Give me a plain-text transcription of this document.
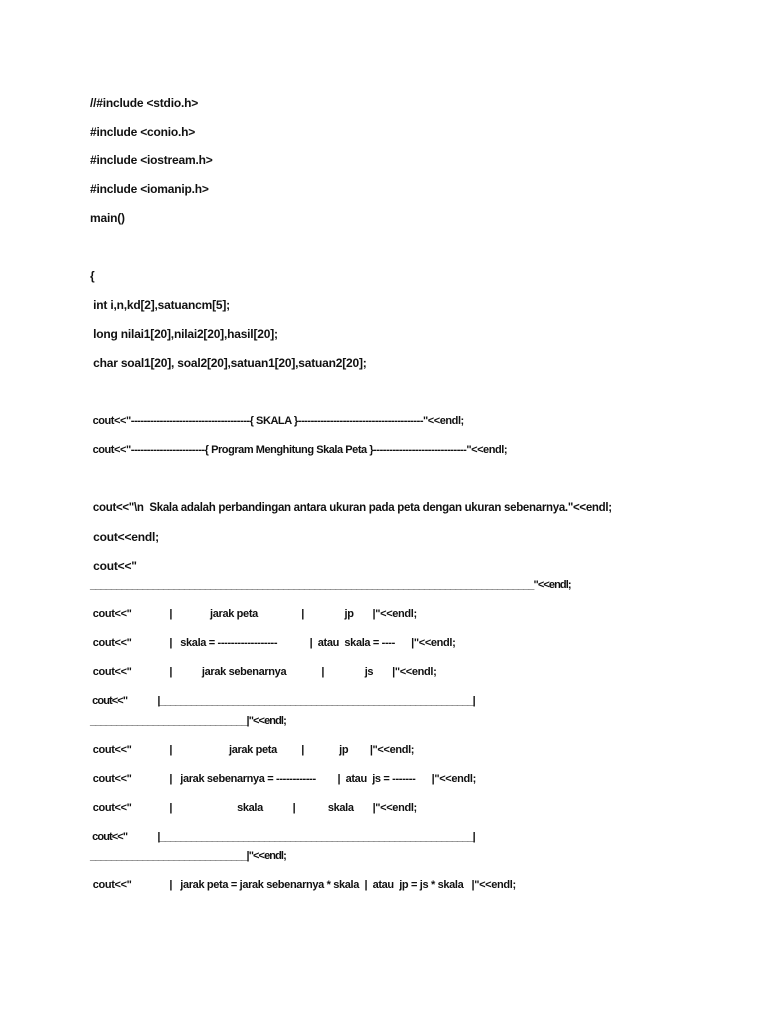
//#include <stdio.h>
#include <conio.h>
#include <iostream.h>
#include <iomanip.h>
main()
{
int i,n,kd[2],satuancm[5];
long nilai1[20],nilai2[20],hasil[20];
char soal1[20], soal2[20],satuan1[20],satuan2[20];
cout<<"-------------------------------------{ SKALA }---------------------------------------"<<endl;
cout<<"-----------------------{ Program Menghitung Skala Peta }-----------------------------"<<endl;
cout<<"\n  Skala adalah perbandingan antara ukuran pada peta dengan ukuran sebenarnya."<<endl;
cout<<endl;
cout<<"
_____________________________________________________________________________________"<<endl;
cout<<"              |              jarak peta                |               jp       |"<<endl;
cout<<"              |   skala = ------------------            |  atau  skala = ----      |"<<endl;
cout<<"              |           jarak sebenarnya             |               js       |"<<endl;
cout<<"              |____________________________________________________________|
______________________________|"<<endl;
cout<<"              |                     jarak peta         |             jp        |"<<endl;
cout<<"              |   jarak sebenarnya = ------------        |  atau  js = -------      |"<<endl;
cout<<"              |                        skala           |            skala       |"<<endl;
cout<<"              |____________________________________________________________|
______________________________|"<<endl;
cout<<"              |   jarak peta = jarak sebenarnya * skala  |  atau  jp = js * skala   |"<<endl;
